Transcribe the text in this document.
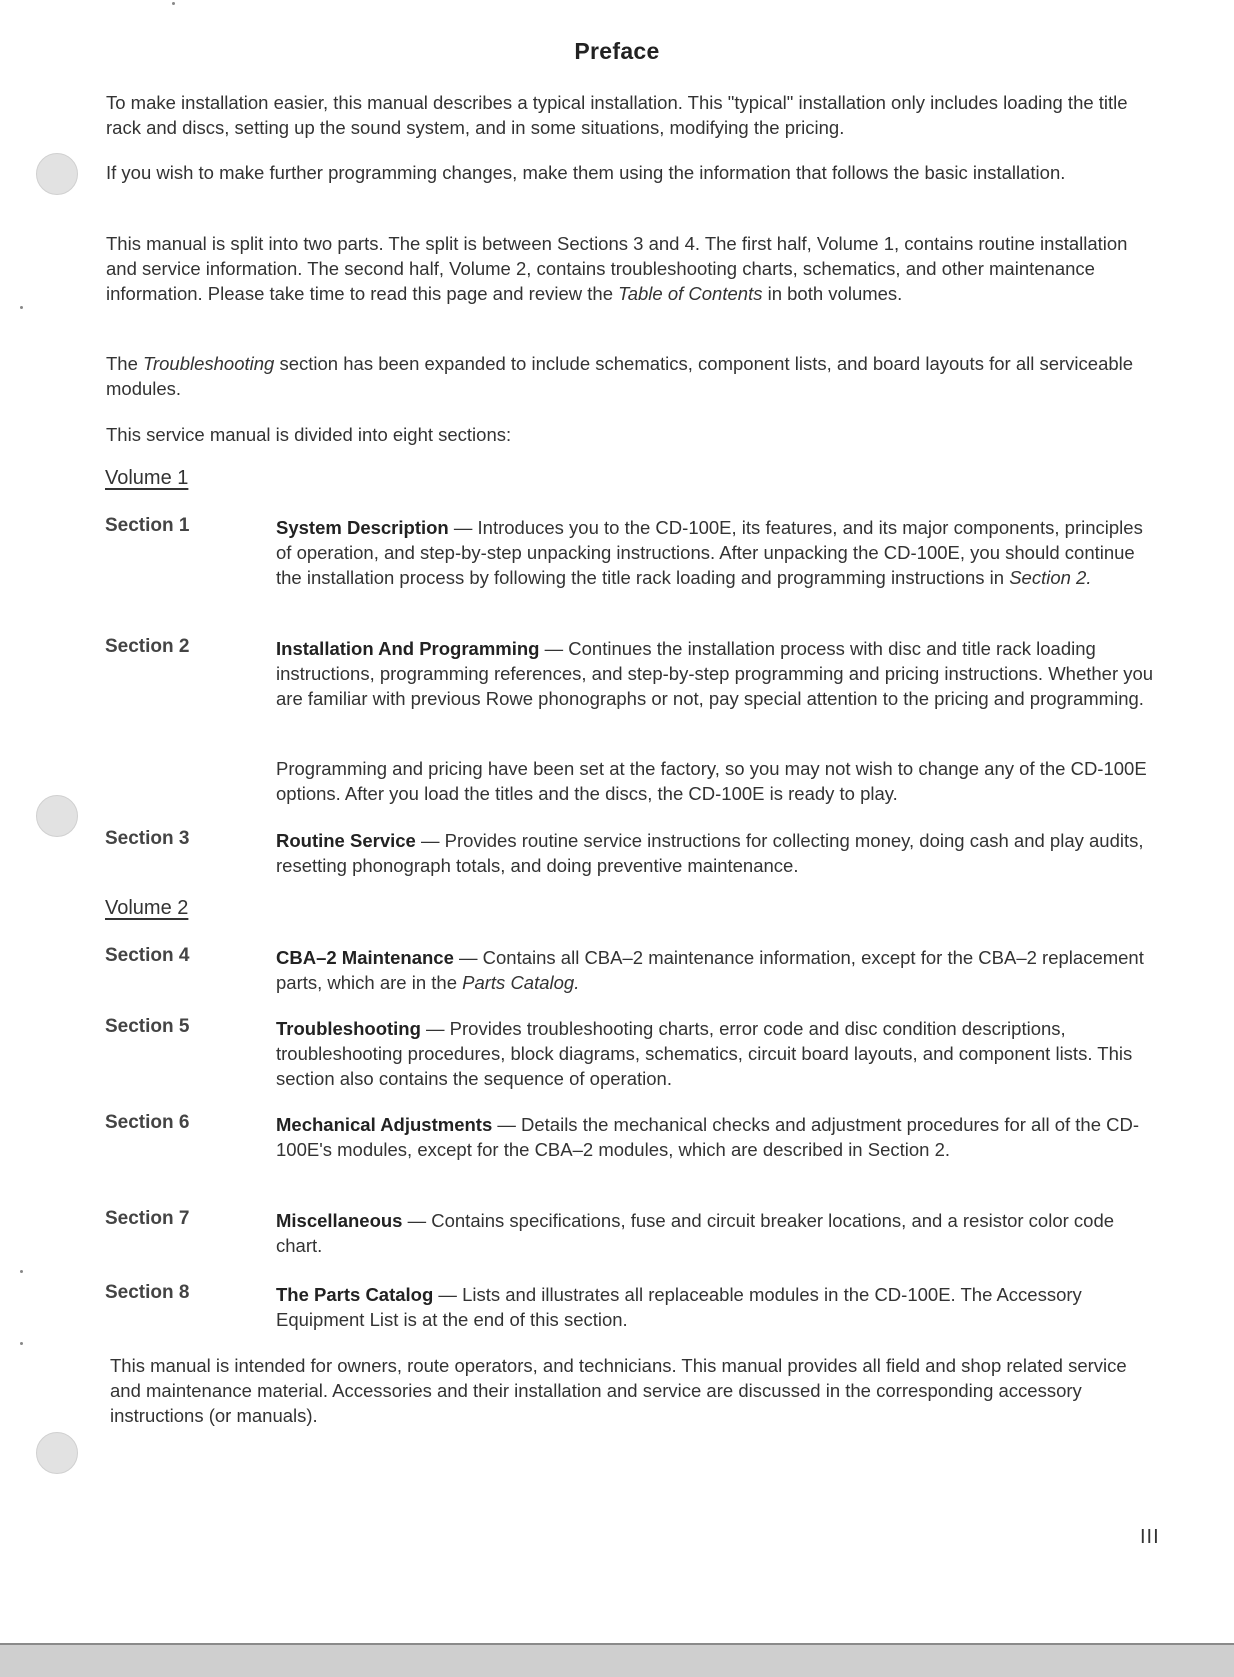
Preface
To make installation easier, this manual describes a typical installation. This "typical" installation only includes loading the title rack and discs, setting up the sound system, and in some situations, modifying the pricing.
If you wish to make further programming changes, make them using the information that follows the basic installation.
This manual is split into two parts. The split is between Sections 3 and 4. The first half, Volume 1, contains routine installation and service information. The second half, Volume 2, contains troubleshooting charts, schematics, and other maintenance information. Please take time to read this page and review the Table of Contents in both volumes.
The Troubleshooting section has been expanded to include schematics, component lists, and board layouts for all serviceable modules.
This service manual is divided into eight sections:
Volume 1
Section 1	System Description — Introduces you to the CD-100E, its features, and its major components, principles of operation, and step-by-step unpacking instructions. After unpacking the CD-100E, you should continue the installation process by following the title rack loading and programming instructions in Section 2.
Section 2	Installation And Programming — Continues the installation process with disc and title rack loading instructions, programming references, and step-by-step programming and pricing instructions. Whether you are familiar with previous Rowe phonographs or not, pay special attention to the pricing and programming.
Programming and pricing have been set at the factory, so you may not wish to change any of the CD-100E options. After you load the titles and the discs, the CD-100E is ready to play.
Section 3	Routine Service — Provides routine service instructions for collecting money, doing cash and play audits, resetting phonograph totals, and doing preventive maintenance.
Volume 2
Section 4	CBA–2 Maintenance — Contains all CBA–2 maintenance information, except for the CBA–2 replacement parts, which are in the Parts Catalog.
Section 5	Troubleshooting — Provides troubleshooting charts, error code and disc condition descriptions, troubleshooting procedures, block diagrams, schematics, circuit board layouts, and component lists. This section also contains the sequence of operation.
Section 6	Mechanical Adjustments — Details the mechanical checks and adjustment procedures for all of the CD-100E's modules, except for the CBA–2 modules, which are described in Section 2.
Section 7	Miscellaneous — Contains specifications, fuse and circuit breaker locations, and a resistor color code chart.
Section 8	The Parts Catalog — Lists and illustrates all replaceable modules in the CD-100E. The Accessory Equipment List is at the end of this section.
This manual is intended for owners, route operators, and technicians. This manual provides all field and shop related service and maintenance material. Accessories and their installation and service are discussed in the corresponding accessory instructions (or manuals).
III
